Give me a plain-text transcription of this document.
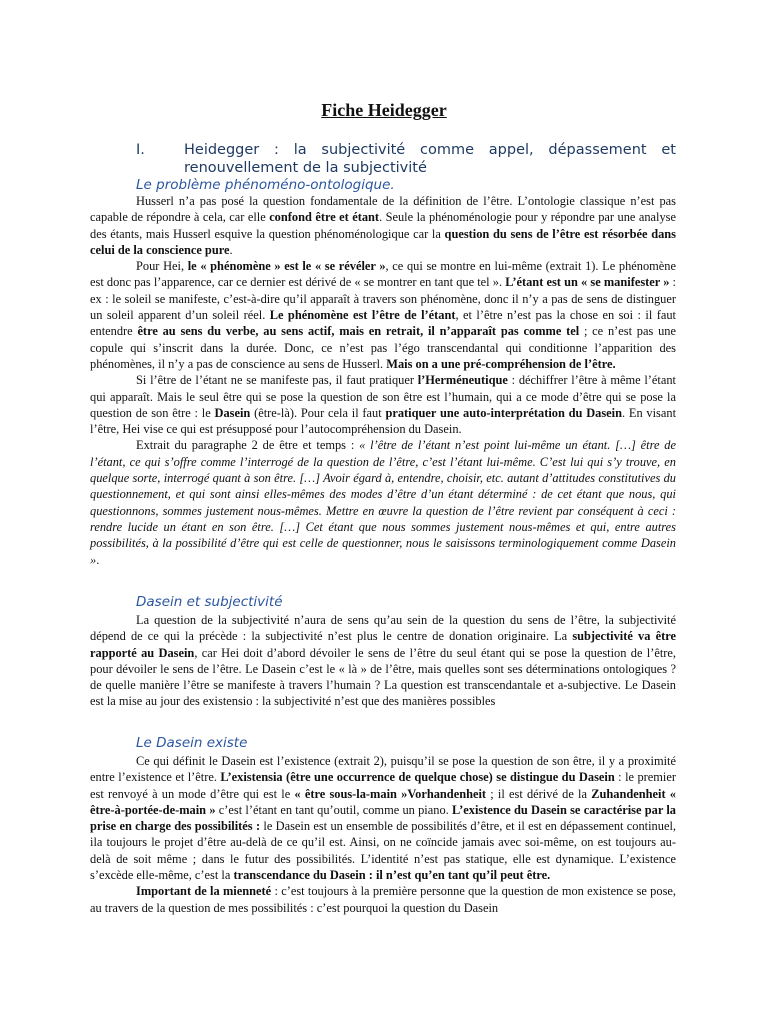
Fiche Heidegger
I.	Heidegger : la subjectivité comme appel, dépassement et renouvellement de la subjectivité
Le problème phénoméno-ontologique.

Husserl n’a pas posé la question fondamentale de la définition de l’être. L’ontologie classique n’est pas capable de répondre à cela, car elle confond être et étant. Seule la phénoménologie pour y répondre par une analyse des étants, mais Husserl esquive la question phénoménologique car la question du sens de l’être est résorbée dans celui de la conscience pure.

Pour Hei, le « phénomène » est le « se révéler », ce qui se montre en lui-même (extrait 1). Le phénomène est donc pas l’apparence, car ce dernier est dérivé de « se montrer en tant que tel ». L’étant est un « se manifester » : ex : le soleil se manifeste, c’est-à-dire qu’il apparaît à travers son phénomène, donc il n’y a pas de sens de distinguer un soleil apparent d’un soleil réel. Le phénomène est l’être de l’étant, et l’être n’est pas la chose en soi : il faut entendre être au sens du verbe, au sens actif, mais en retrait, il n’apparaît pas comme tel ; ce n’est pas une copule qui s’inscrit dans la durée. Donc, ce n’est pas l’égo transcendantal qui conditionne l’apparition des phénomènes, il n’y a pas de conscience au sens de Husserl. Mais on a une pré-compréhension de l’être.

Si l’être de l’étant ne se manifeste pas, il faut pratiquer l’Herméneutique : déchiffrer l’être à même l’étant qui apparaît. Mais le seul être qui se pose la question de son être est l’humain, qui a ce mode d’être qui se pose la question de son être : le Dasein (être-là). Pour cela il faut pratiquer une auto-interprétation du Dasein. En visant l’être, Hei vise ce qui est présupposé pour l’autocompréhension du Dasein.

Extrait du paragraphe 2 de être et temps : « l’être de l’étant n’est point lui-même un étant. […] être de l’étant, ce qui s’offre comme l’interrogé de la question de l’être, c’est l’étant lui-même. C’est lui qui s’y trouve, en quelque sorte, interrogé quant à son être. […] Avoir égard à, entendre, choisir, etc. autant d’attitudes constitutives du questionnement, et qui sont ainsi elles-mêmes des modes d’être d’un étant déterminé : de cet étant que nous, qui questionnons, sommes justement nous-mêmes. Mettre en œuvre la question de l’être revient par conséquent à ceci : rendre lucide un étant en son être. […] Cet étant que nous sommes justement nous-mêmes et qui, entre autres possibilités, à la possibilité d’être qui est celle de questionner, nous le saisissons terminologiquement comme Dasein ».

Dasein et subjectivité

La question de la subjectivité n’aura de sens qu’au sein de la question du sens de l’être, la subjectivité dépend de ce qui la précède : la subjectivité n’est plus le centre de donation originaire. La subjectivité va être rapporté au Dasein, car Hei doit d’abord dévoiler le sens de l’être du seul étant qui se pose la question de l’être, pour dévoiler le sens de l’être. Le Dasein c’est le « là » de l’être, mais quelles sont ses déterminations ontologiques ? de quelle manière l’être se manifeste à travers l’humain ? La question est transcendantale et a-subjective. Le Dasein est la mise au jour des existensio : la subjectivité n’est que des manières possibles

Le Dasein existe

Ce qui définit le Dasein est l’existence (extrait 2), puisqu’il se pose la question de son être, il y a proximité entre l’existence et l’être. L’existensia (être une occurrence de quelque chose) se distingue du Dasein : le premier est renvoyé à un mode d’être qui est le « être sous-la-main »Vorhandenheit ; il est dérivé de la Zuhandenheit « être-à-portée-de-main » c’est l’étant en tant qu’outil, comme un piano. L’existence du Dasein se caractérise par la prise en charge des possibilités : le Dasein est un ensemble de possibilités d’être, et il est en dépassement continuel, ila toujours le projet d’être au-delà de ce qu’il est. Ainsi, on ne coïncide jamais avec soi-même, on est toujours au-delà de soit même ; dans le futur des possibilités. L’identité n’est pas statique, elle est dynamique. L’existence s’excède elle-même, c’est la transcendance du Dasein : il n’est qu’en tant qu’il peut être.

Important de la mienneté : c’est toujours à la première personne que la question de mon existence se pose, au travers de la question de mes possibilités : c’est pourquoi la question du Dasein
